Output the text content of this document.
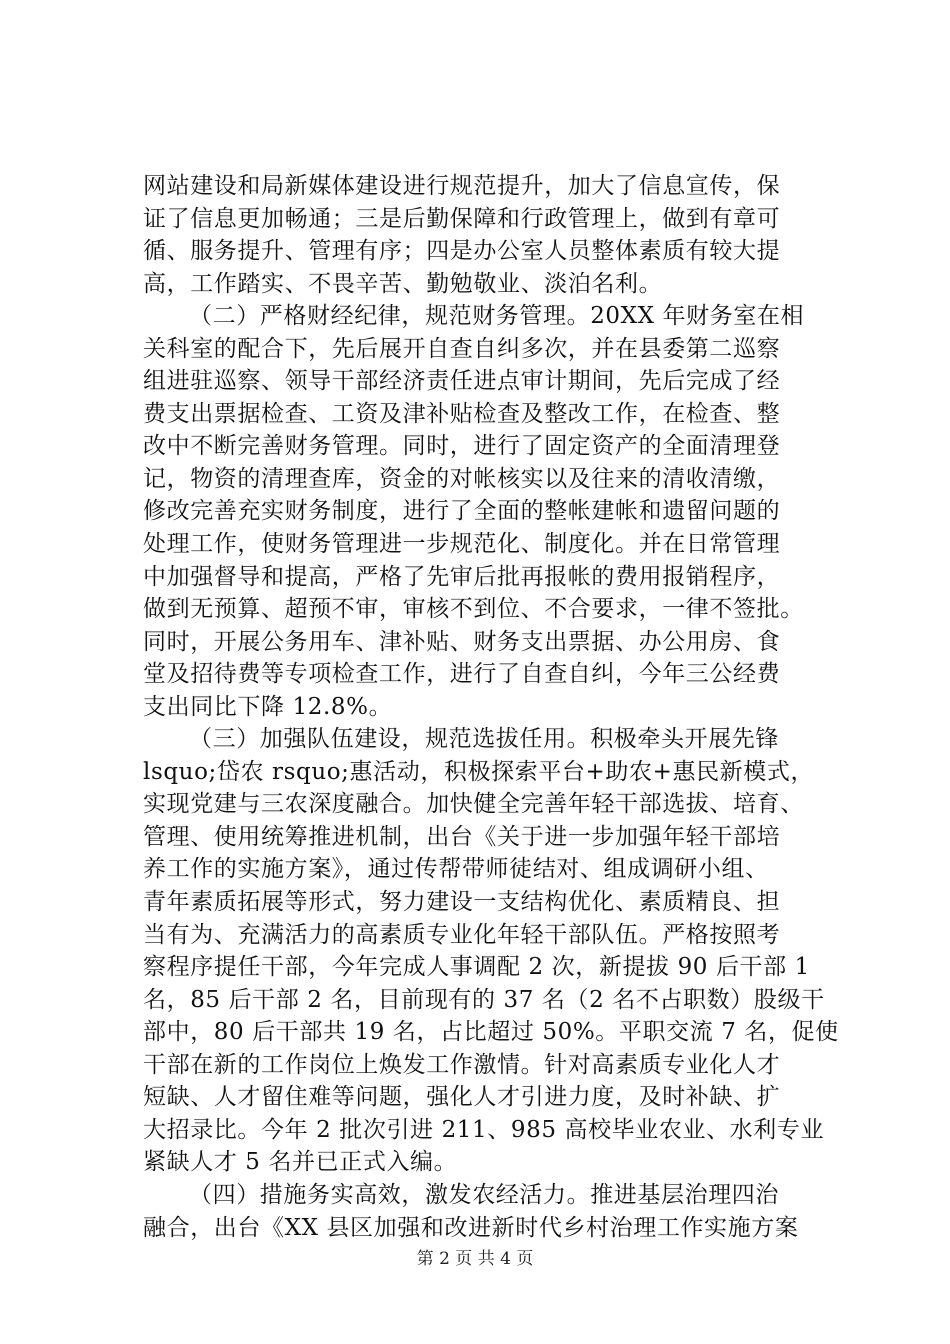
网站建设和局新媒体建设进行规范提升，加大了信息宣传，保
证了信息更加畅通；三是后勤保障和行政管理上，做到有章可
循、服务提升、管理有序；四是办公室人员整体素质有较大提
高，工作踏实、不畏辛苦、勤勉敬业、淡泊名利。
（二）严格财经纪律，规范财务管理。20XX 年财务室在相
关科室的配合下，先后展开自查自纠多次，并在县委第二巡察
组进驻巡察、领导干部经济责任进点审计期间，先后完成了经
费支出票据检查、工资及津补贴检查及整改工作，在检查、整
改中不断完善财务管理。同时，进行了固定资产的全面清理登
记，物资的清理查库，资金的对帐核实以及往来的清收清缴，
修改完善充实财务制度，进行了全面的整帐建帐和遗留问题的
处理工作，使财务管理进一步规范化、制度化。并在日常管理
中加强督导和提高，严格了先审后批再报帐的费用报销程序，
做到无预算、超预不审，审核不到位、不合要求，一律不签批。
同时，开展公务用车、津补贴、财务支出票据、办公用房、食
堂及招待费等专项检查工作，进行了自查自纠，今年三公经费
支出同比下降 12.8%。
（三）加强队伍建设，规范选拔任用。积极牵头开展先锋
lsquo;岱农 rsquo;惠活动，积极探索平台+助农+惠民新模式，
实现党建与三农深度融合。加快健全完善年轻干部选拔、培育、
管理、使用统筹推进机制，出台《关于进一步加强年轻干部培
养工作的实施方案》，通过传帮带师徒结对、组成调研小组、
青年素质拓展等形式，努力建设一支结构优化、素质精良、担
当有为、充满活力的高素质专业化年轻干部队伍。严格按照考
察程序提任干部，今年完成人事调配 2 次，新提拔 90 后干部 1
名，85 后干部 2 名，目前现有的 37 名（2 名不占职数）股级干
部中，80 后干部共 19 名，占比超过 50%。平职交流 7 名，促使
干部在新的工作岗位上焕发工作激情。针对高素质专业化人才
短缺、人才留住难等问题，强化人才引进力度，及时补缺、扩
大招录比。今年 2 批次引进 211、985 高校毕业农业、水利专业
紧缺人才 5 名并已正式入编。
（四）措施务实高效，激发农经活力。推进基层治理四治
融合，出台《XX 县区加强和改进新时代乡村治理工作实施方案
第 2 页 共 4 页
